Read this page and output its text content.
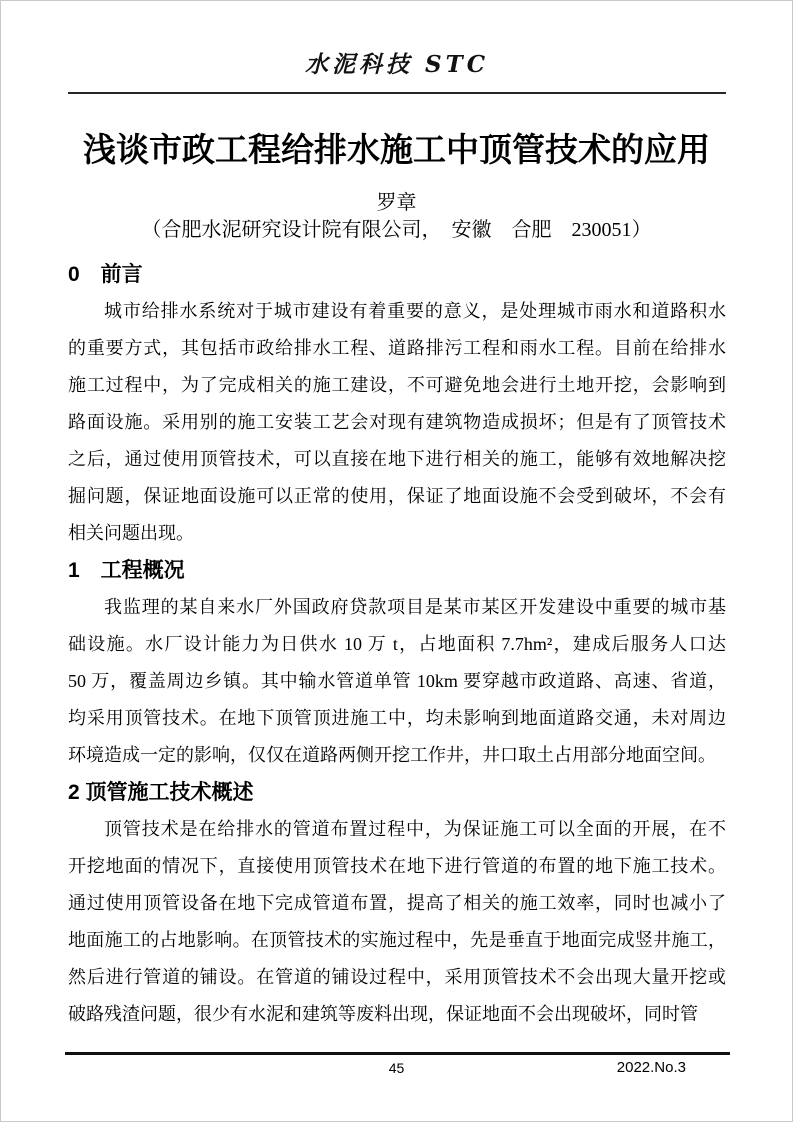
水泥科技 STC
浅谈市政工程给排水施工中顶管技术的应用
罗章
（合肥水泥研究设计院有限公司，　安徽　合肥　230051）
0　前言
城市给排水系统对于城市建设有着重要的意义，是处理城市雨水和道路积水
的重要方式，其包括市政给排水工程、道路排污工程和雨水工程。目前在给排水
施工过程中，为了完成相关的施工建设，不可避免地会进行土地开挖，会影响到
路面设施。采用别的施工安装工艺会对现有建筑物造成损坏；但是有了顶管技术
之后，通过使用顶管技术，可以直接在地下进行相关的施工，能够有效地解决挖
掘问题，保证地面设施可以正常的使用，保证了地面设施不会受到破坏，不会有
相关问题出现。
1　工程概况
我监理的某自来水厂外国政府贷款项目是某市某区开发建设中重要的城市基
础设施。水厂设计能力为日供水 10 万 t，占地面积 7.7hm²，建成后服务人口达
50 万，覆盖周边乡镇。其中输水管道单管 10km 要穿越市政道路、高速、省道，
均采用顶管技术。在地下顶管顶进施工中，均未影响到地面道路交通，未对周边
环境造成一定的影响，仅仅在道路两侧开挖工作井，井口取土占用部分地面空间。
2 顶管施工技术概述
顶管技术是在给排水的管道布置过程中，为保证施工可以全面的开展，在不
开挖地面的情况下，直接使用顶管技术在地下进行管道的布置的地下施工技术。
通过使用顶管设备在地下完成管道布置，提高了相关的施工效率，同时也减小了
地面施工的占地影响。在顶管技术的实施过程中，先是垂直于地面完成竖井施工，
然后进行管道的铺设。在管道的铺设过程中，采用顶管技术不会出现大量开挖或
破路残渣问题，很少有水泥和建筑等废料出现，保证地面不会出现破坏，同时管
45	2022.No.3
